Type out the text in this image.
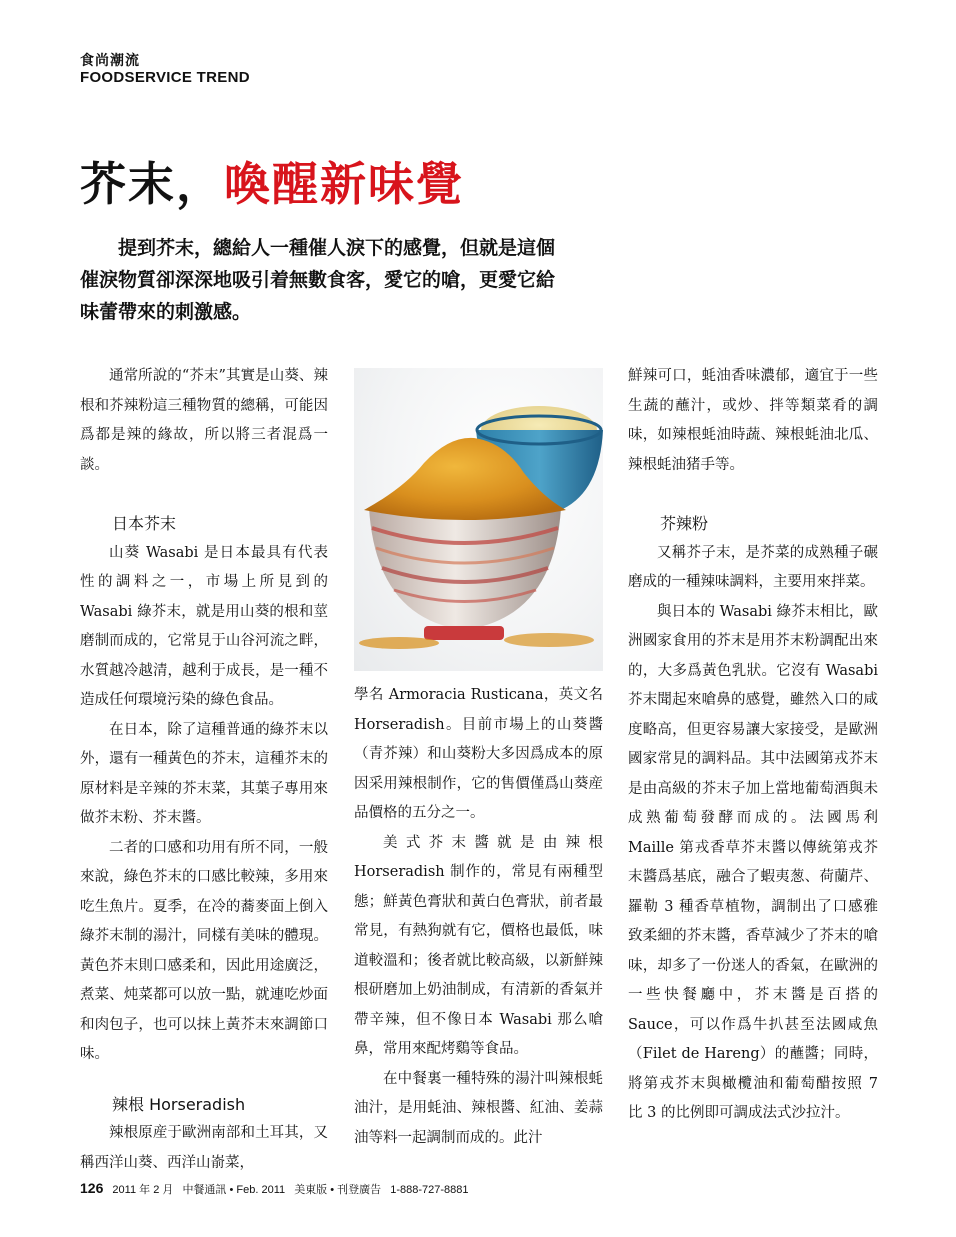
食尚潮流
FOODSERVICE TREND
芥末，喚醒新味覺
提到芥末，總給人一種催人淚下的感覺，但就是這個
催淚物質卻深深地吸引着無數食客，愛它的嗆，更愛它給
味蕾帶來的刺激感。

通常所說的“芥末”其實是山葵、辣根和芥辣粉這三種物質的總稱，可能因爲都是辣的緣故，所以將三者混爲一談。

日本芥末

山葵 Wasabi 是日本最具有代表性的調料之一，市場上所見到的 Wasabi 綠芥末，就是用山葵的根和莖磨制而成的，它常見于山谷河流之畔，水質越冷越清，越利于成長，是一種不造成任何環境污染的綠色食品。

在日本，除了這種普通的綠芥末以外，還有一種黃色的芥末，這種芥末的原材料是辛辣的芥末菜，其葉子專用來做芥末粉、芥末醬。

二者的口感和功用有所不同，一般來說，綠色芥末的口感比較辣，多用來吃生魚片。夏季，在冷的蕎麥面上倒入綠芥末制的湯汁，同樣有美味的體現。黃色芥末則口感柔和，因此用途廣泛，煮菜、炖菜都可以放一點，就連吃炒面和肉包子，也可以抹上黃芥末來調節口味。

辣根 Horseradish

辣根原産于歐洲南部和土耳其，又稱西洋山葵、西洋山嵛菜，

學名 Armoracia Rusticana，英文名 Horseradish。目前市場上的山葵醬（青芥辣）和山葵粉大多因爲成本的原因采用辣根制作，它的售價僅爲山葵産品價格的五分之一。

美式芥末醬就是由辣根 Horseradish 制作的，常見有兩種型態；鮮黃色膏狀和黃白色膏狀，前者最常見，有熱狗就有它，價格也最低，味道較溫和；後者就比較高級，以新鮮辣根研磨加上奶油制成，有清新的香氣并帶辛辣，但不像日本 Wasabi 那么嗆鼻，常用來配烤鷄等食品。

在中餐裏一種特殊的湯汁叫辣根蚝油汁，是用蚝油、辣根醬、紅油、姜蒜油等料一起調制而成的。此汁

鮮辣可口，蚝油香味濃郁，適宜于一些生蔬的蘸汁，或炒、拌等類菜肴的調味，如辣根蚝油時蔬、辣根蚝油北瓜、辣根蚝油猪手等。

芥辣粉

又稱芥子末，是芥菜的成熟種子碾磨成的一種辣味調料，主要用來拌菜。

與日本的 Wasabi 綠芥末相比，歐洲國家食用的芥末是用芥末粉調配出來的，大多爲黃色乳狀。它沒有 Wasabi 芥末聞起來嗆鼻的感覺，雖然入口的咸度略高，但更容易讓大家接受，是歐洲國家常見的調料品。其中法國第戎芥末是由高級的芥末子加上當地葡萄酒與未成熟葡萄發酵而成的。法國馬利 Maille 第戎香草芥末醬以傳統第戎芥末醬爲基底，融合了蝦夷葱、荷蘭芹、羅勒 3 種香草植物，調制出了口感雅致柔細的芥末醬，香草減少了芥末的嗆味，却多了一份迷人的香氣，在歐洲的一些快餐廳中，芥末醬是百搭的 Sauce，可以作爲牛扒甚至法國咸魚（Filet de Hareng）的蘸醬；同時，將第戎芥末與橄欖油和葡萄醋按照 7 比 3 的比例即可調成法式沙拉汁。

126 2011 年 2 月 中餐通訊 • Feb. 2011 美東版 • 刊登廣告 1-888-727-8881
